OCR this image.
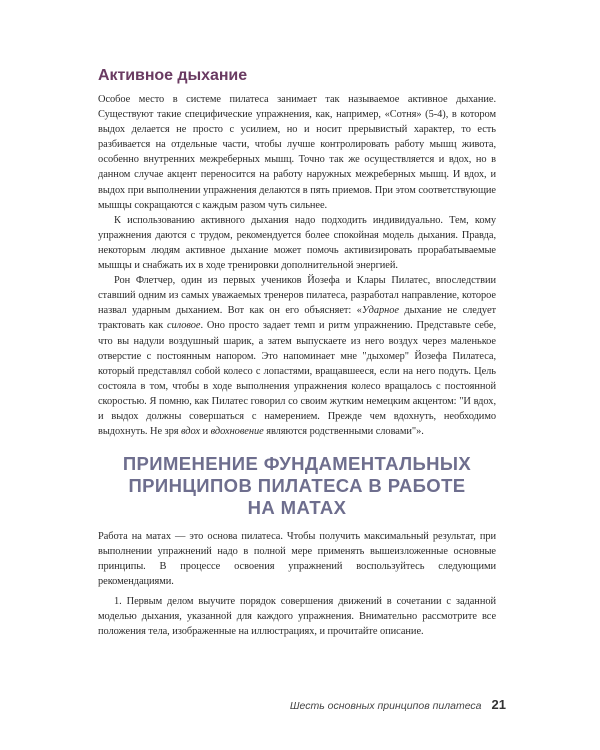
Активное дыхание

Особое место в системе пилатеса занимает так называемое активное дыхание. Существуют такие специфические упражнения, как, например, «Сотня» (5-4), в котором выдох делается не просто с усилием, но и носит прерывистый характер, то есть разбивается на отдельные части, чтобы лучше контролировать работу мышц живота, особенно внутренних межреберных мышц. Точно так же осуществляется и вдох, но в данном случае акцент переносится на работу наружных межреберных мышц. И вдох, и выдох при выполнении упражнения делаются в пять приемов. При этом соответствующие мышцы сокращаются с каждым разом чуть сильнее.

К использованию активного дыхания надо подходить индивидуально. Тем, кому упражнения даются с трудом, рекомендуется более спокойная модель дыхания. Правда, некоторым людям активное дыхание может помочь активизировать прорабатываемые мышцы и снабжать их в ходе тренировки дополнительной энергией.

Рон Флетчер, один из первых учеников Йозефа и Клары Пилатес, впоследствии ставший одним из самых уважаемых тренеров пилатеса, разработал направление, которое назвал ударным дыханием. Вот как он его объясняет: «Ударное дыхание не следует трактовать как силовое. Оно просто задает темп и ритм упражнению. Представьте себе, что вы надули воздушный шарик, а затем выпускаете из него воздух через маленькое отверстие с постоянным напором. Это напоминает мне "дыхомер" Йозефа Пилатеса, который представлял собой колесо с лопастями, вращавшееся, если на него подуть. Цель состояла в том, чтобы в ходе выполнения упражнения колесо вращалось с постоянной скоростью. Я помню, как Пилатес говорил со своим жутким немецким акцентом: "И вдох, и выдох должны совершаться с намерением. Прежде чем вдохнуть, необходимо выдохнуть. Не зря вдох и вдохновение являются родственными словами"».

ПРИМЕНЕНИЕ ФУНДАМЕНТАЛЬНЫХ
ПРИНЦИПОВ ПИЛАТЕСА В РАБОТЕ
НА МАТАХ

Работа на матах — это основа пилатеса. Чтобы получить максимальный результат, при выполнении упражнений надо в полной мере применять вышеизложенные основные принципы. В процессе освоения упражнений воспользуйтесь следующими рекомендациями.

1. Первым делом выучите порядок совершения движений в сочетании с заданной моделью дыхания, указанной для каждого упражнения. Внимательно рассмотрите все положения тела, изображенные на иллюстрациях, и прочитайте описание.

Шесть основных принципов пилатеса 21
